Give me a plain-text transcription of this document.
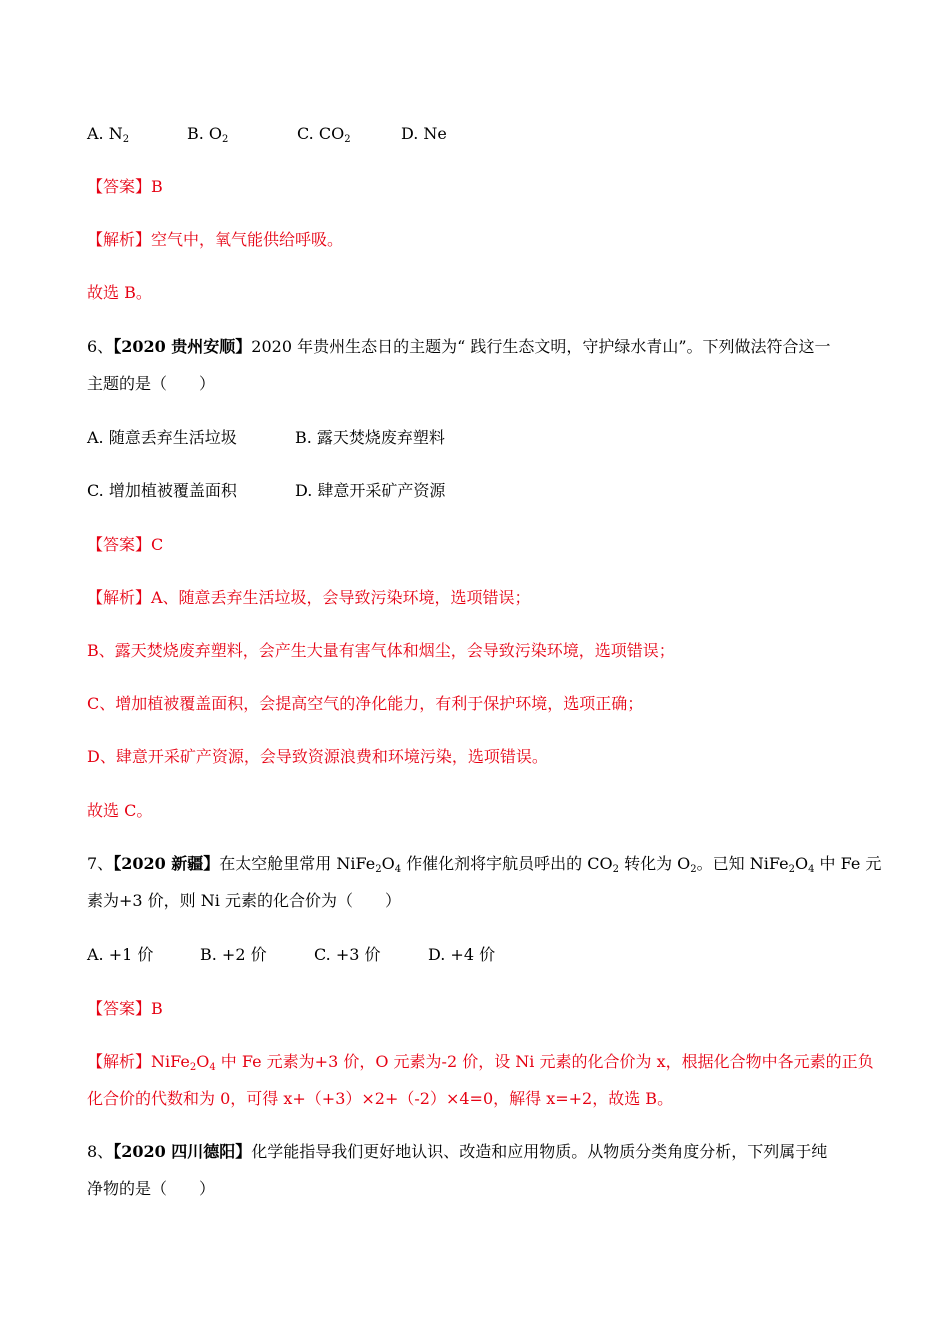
A. $N_2$	B. $O_2$	C. $CO_2$	D. Ne
【答案】B
【解析】空气中，氧气能供给呼吸。
故选 B。
6、【2020 贵州安顺】2020 年贵州生态日的主题为“ 践行生态文明，守护绿水青山”。下列做法符合这一
主题的是（　　）
A. 随意丢弃生活垃圾	B. 露天焚烧废弃塑料
C. 增加植被覆盖面积	D. 肆意开采矿产资源
【答案】C
【解析】A、随意丢弃生活垃圾，会导致污染环境，选项错误；
B、露天焚烧废弃塑料，会产生大量有害气体和烟尘，会导致污染环境，选项错误；
C、增加植被覆盖面积，会提高空气的净化能力，有利于保护环境，选项正确；
D、肆意开采矿产资源，会导致资源浪费和环境污染，选项错误。
故选 C。
7、【2020 新疆】在太空舱里常用 $NiFe_2O_4$ 作催化剂将宇航员呼出的 $CO_2$ 转化为 $O_2$。已知 $NiFe_2O_4$ 中 Fe 元
素为+3 价，则 Ni 元素的化合价为（　　）
A. +1 价	B. +2 价	C. +3 价	D. +4 价
【答案】B
【解析】$NiFe_2O_4$ 中 Fe 元素为+3 价，O 元素为-2 价，设 Ni 元素的化合价为 x，根据化合物中各元素的正负
化合价的代数和为 0，可得 x+（+3）×2+（-2）×4=0，解得 x=+2，故选 B。
8、【2020 四川德阳】化学能指导我们更好地认识、改造和应用物质。从物质分类角度分析，下列属于纯
净物的是（　　）
